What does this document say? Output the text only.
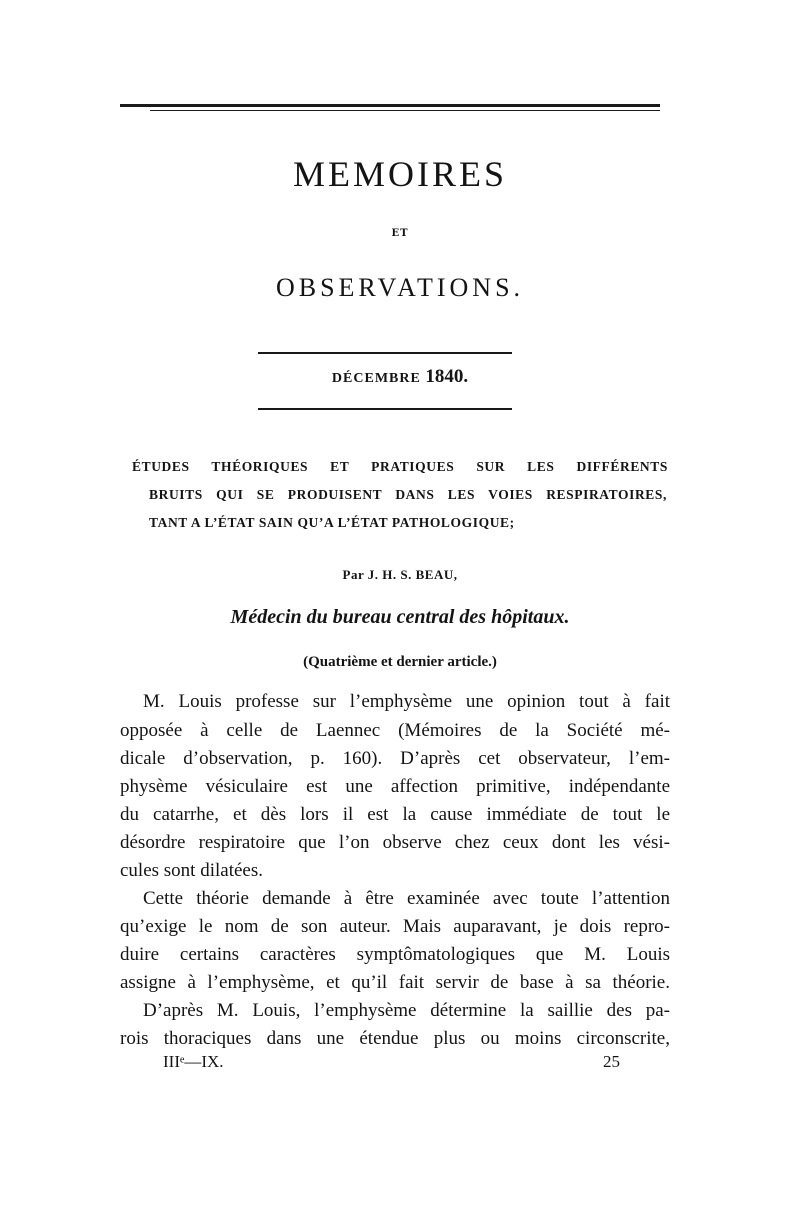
MEMOIRES
ET
OBSERVATIONS.
DÉCEMBRE 1840.
ÉTUDES THÉORIQUES ET PRATIQUES SUR LES DIFFÉRENTS
BRUITS QUI SE PRODUISENT DANS LES VOIES RESPIRATOIRES,
TANT A L’ÉTAT SAIN QU’A L’ÉTAT PATHOLOGIQUE;
Par J. H. S. BEAU,
Médecin du bureau central des hôpitaux.
(Quatrième et dernier article.)
M. Louis professe sur l’emphysème une opinion tout à fait
opposée à celle de Laennec (Mémoires de la Société mé-
dicale d’observation, p. 160). D’après cet observateur, l’em-
physème vésiculaire est une affection primitive, indépendante
du catarrhe, et dès lors il est la cause immédiate de tout le
désordre respiratoire que l’on observe chez ceux dont les vési-
cules sont dilatées.
Cette théorie demande à être examinée avec toute l’attention
qu’exige le nom de son auteur. Mais auparavant, je dois repro-
duire certains caractères symptômatologiques que M. Louis
assigne à l’emphysème, et qu’il fait servir de base à sa théorie.
D’après M. Louis, l’emphysème détermine la saillie des pa-
rois thoraciques dans une étendue plus ou moins circonscrite,
IIIᵉ—IX.	25
